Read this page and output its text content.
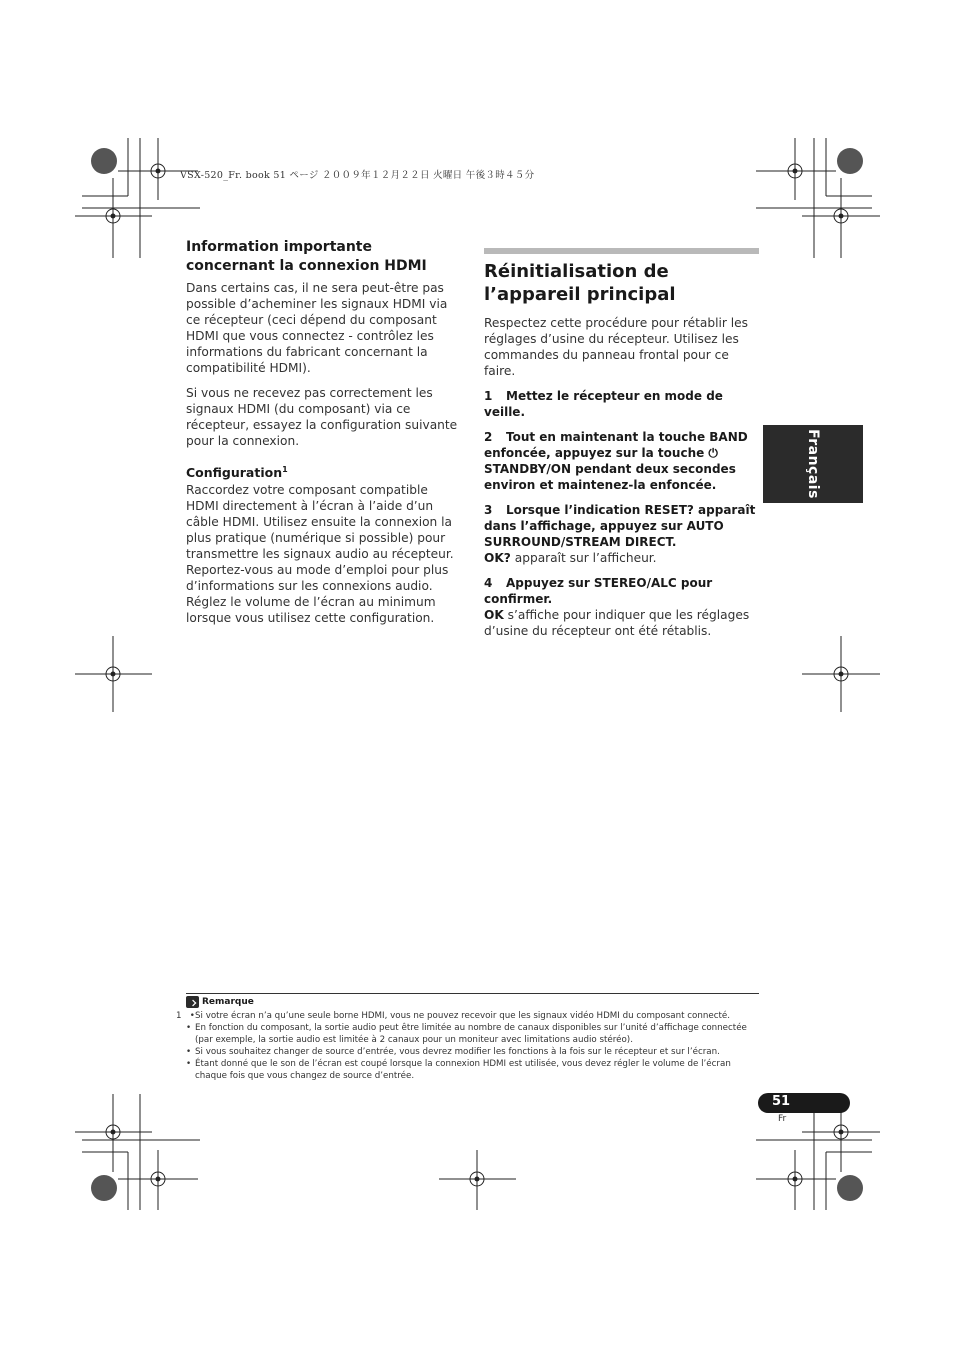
VSX-520_Fr. book 51 ページ ２００９年１２月２２日 火曜日 午後３時４５分
Information importante concernant la connexion HDMI

Dans certains cas, il ne sera peut-être pas possible d’acheminer les signaux HDMI via ce récepteur (ceci dépend du composant HDMI que vous connectez - contrôlez les informations du fabricant concernant la compatibilité HDMI).

Si vous ne recevez pas correctement les signaux HDMI (du composant) via ce récepteur, essayez la configuration suivante pour la connexion.

Configuration$^1$

Raccordez votre composant compatible HDMI directement à l’écran à l’aide d’un câble HDMI. Utilisez ensuite la connexion la plus pratique (numérique si possible) pour transmettre les signaux audio au récepteur. Reportez-vous au mode d’emploi pour plus d’informations sur les connexions audio. Réglez le volume de l’écran au minimum lorsque vous utilisez cette configuration.

Réinitialisation de l’appareil principal

Respectez cette procédure pour rétablir les réglages d’usine du récepteur. Utilisez les commandes du panneau frontal pour ce faire.

1 Mettez le récepteur en mode de veille.
2 Tout en maintenant la touche BAND enfoncée, appuyez sur la touche ⏻ STANDBY/ON pendant deux secondes environ et maintenez-la enfoncée.
3 Lorsque l’indication RESET? apparaît dans l’affichage, appuyez sur AUTO SURROUND/STREAM DIRECT.
OK? apparaît sur l’afficheur.
4 Appuyez sur STEREO/ALC pour confirmer.
OK s’affiche pour indiquer que les réglages d’usine du récepteur ont été rétablis.
Français
Remarque
1 • Si votre écran n’a qu’une seule borne HDMI, vous ne pouvez recevoir que les signaux vidéo HDMI du composant connecté.
• En fonction du composant, la sortie audio peut être limitée au nombre de canaux disponibles sur l’unité d’affichage connectée (par exemple, la sortie audio est limitée à 2 canaux pour un moniteur avec limitations audio stéréo).
• Si vous souhaitez changer de source d’entrée, vous devrez modifier les fonctions à la fois sur le récepteur et sur l’écran.
• Étant donné que le son de l’écran est coupé lorsque la connexion HDMI est utilisée, vous devez régler le volume de l’écran chaque fois que vous changez de source d’entrée.
51
Fr
